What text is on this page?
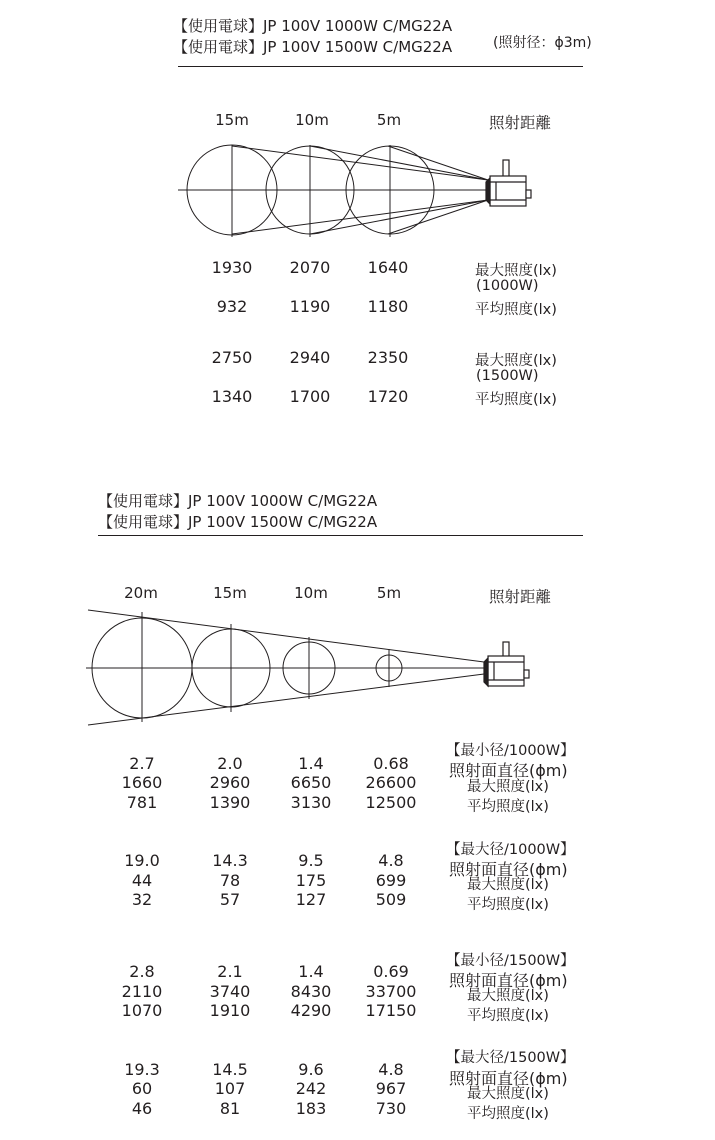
【使用電球】JP 100V 1000W C/MG22A
【使用電球】JP 100V 1500W C/MG22A	(照射径：ϕ3m)
15m	10m	5m	照射距離
1930	2070	1640
932	1190	1180
最大照度(lx)
(1000W)
平均照度(lx)
2750	2940	2350
1340	1700	1720
最大照度(lx)
(1500W)
平均照度(lx)
【使用電球】JP 100V 1000W C/MG22A
【使用電球】JP 100V 1500W C/MG22A
20m	15m	10m	5m	照射距離
【最小径/1000W】
照射面直径(ϕm)
最大照度(lx)
平均照度(lx)
2.7	2.0	1.4	0.68
1660	2960	6650	26600
781	1390	3130	12500
【最大径/1000W】
照射面直径(ϕm)
最大照度(lx)
平均照度(lx)
19.0	14.3	9.5	4.8
44	78	175	699
32	57	127	509
【最小径/1500W】
照射面直径(ϕm)
最大照度(lx)
平均照度(lx)
2.8	2.1	1.4	0.69
2110	3740	8430	33700
1070	1910	4290	17150
【最大径/1500W】
照射面直径(ϕm)
最大照度(lx)
平均照度(lx)
19.3	14.5	9.6	4.8
60	107	242	967
46	81	183	730
